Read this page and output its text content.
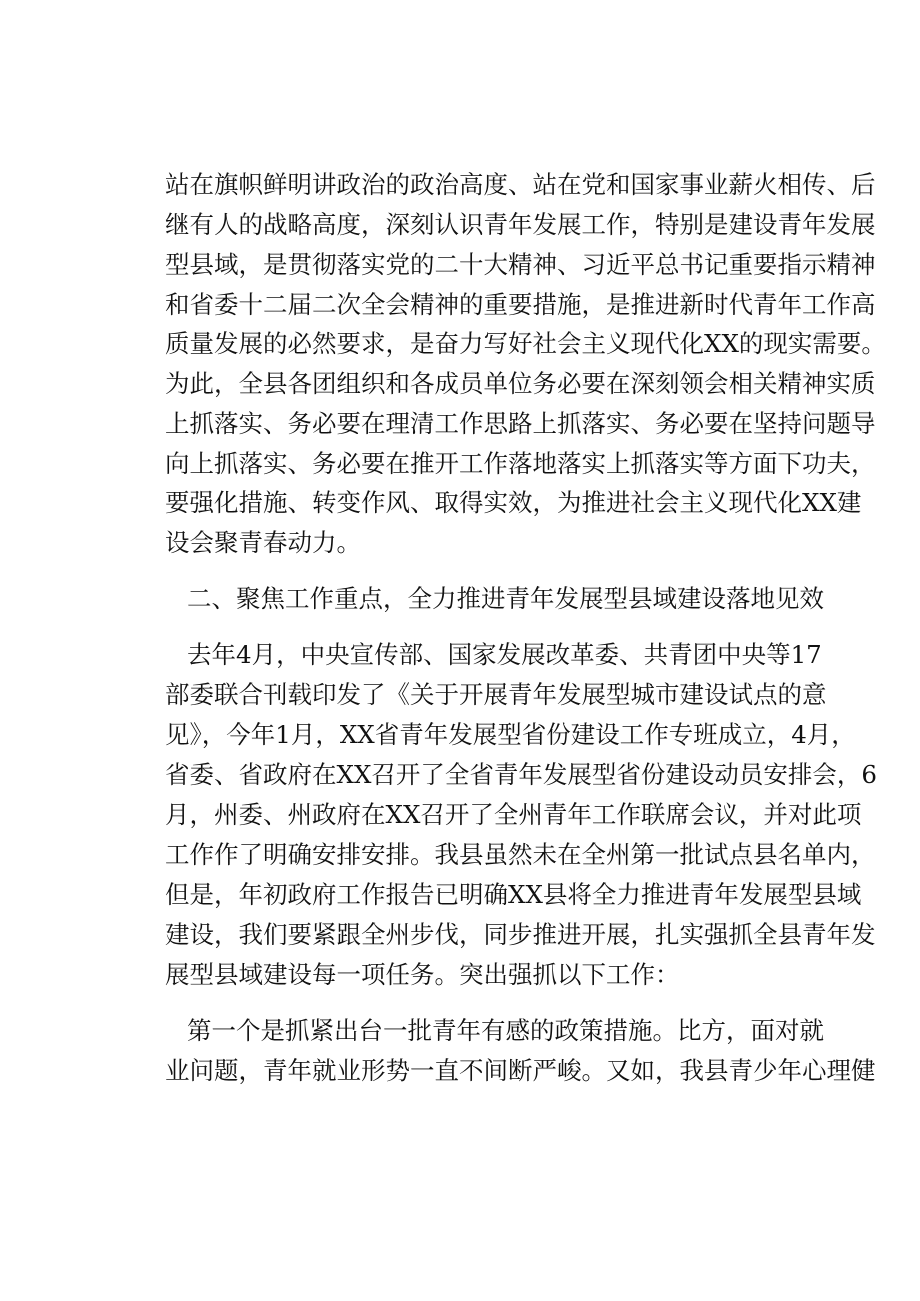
站在旗帜鲜明讲政治的政治高度、站在党和国家事业薪火相传、后
继有人的战略高度，深刻认识青年发展工作，特别是建设青年发展
型县域，是贯彻落实党的二十大精神、习近平总书记重要指示精神
和省委十二届二次全会精神的重要措施，是推进新时代青年工作高
质量发展的必然要求，是奋力写好社会主义现代化XX的现实需要。
为此，全县各团组织和各成员单位务必要在深刻领会相关精神实质
上抓落实、务必要在理清工作思路上抓落实、务必要在坚持问题导
向上抓落实、务必要在推开工作落地落实上抓落实等方面下功夫，
要强化措施、转变作风、取得实效，为推进社会主义现代化XX建
设会聚青春动力。
二、聚焦工作重点，全力推进青年发展型县域建设落地见效
去年4月，中央宣传部、国家发展改革委、共青团中央等17
部委联合刊载印发了《关于开展青年发展型城市建设试点的意
见》，今年1月，XX省青年发展型省份建设工作专班成立，4月，
省委、省政府在XX召开了全省青年发展型省份建设动员安排会，6
月，州委、州政府在XX召开了全州青年工作联席会议，并对此项
工作作了明确安排安排。我县虽然未在全州第一批试点县名单内，
但是，年初政府工作报告已明确XX县将全力推进青年发展型县域
建设，我们要紧跟全州步伐，同步推进开展，扎实强抓全县青年发
展型县域建设每一项任务。突出强抓以下工作：
第一个是抓紧出台一批青年有感的政策措施。比方，面对就
业问题，青年就业形势一直不间断严峻。又如，我县青少年心理健
